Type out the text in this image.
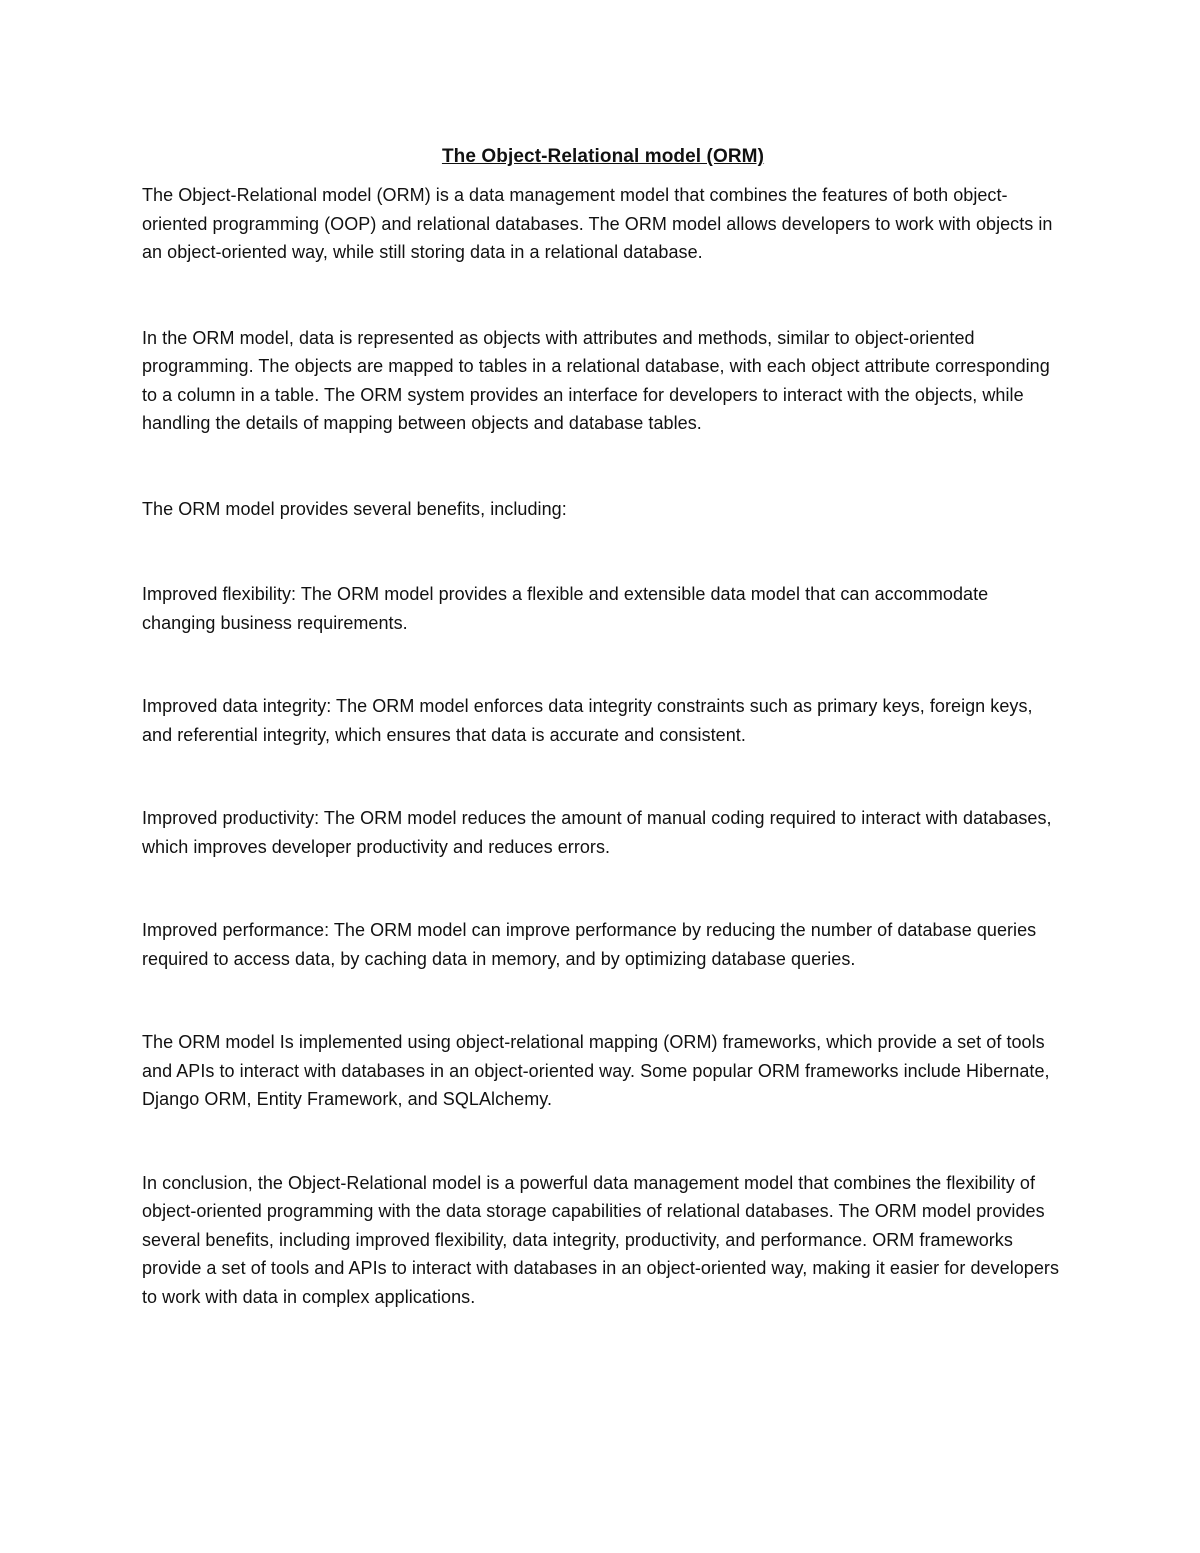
The Object-Relational model (ORM)

The Object-Relational model (ORM) is a data management model that combines the features of both object-oriented programming (OOP) and relational databases. The ORM model allows developers to work with objects in an object-oriented way, while still storing data in a relational database.

In the ORM model, data is represented as objects with attributes and methods, similar to object-oriented programming. The objects are mapped to tables in a relational database, with each object attribute corresponding to a column in a table. The ORM system provides an interface for developers to interact with the objects, while handling the details of mapping between objects and database tables.

The ORM model provides several benefits, including:

Improved flexibility: The ORM model provides a flexible and extensible data model that can accommodate changing business requirements.

Improved data integrity: The ORM model enforces data integrity constraints such as primary keys, foreign keys, and referential integrity, which ensures that data is accurate and consistent.

Improved productivity: The ORM model reduces the amount of manual coding required to interact with databases, which improves developer productivity and reduces errors.

Improved performance: The ORM model can improve performance by reducing the number of database queries required to access data, by caching data in memory, and by optimizing database queries.

The ORM model Is implemented using object-relational mapping (ORM) frameworks, which provide a set of tools and APIs to interact with databases in an object-oriented way. Some popular ORM frameworks include Hibernate, Django ORM, Entity Framework, and SQLAlchemy.

In conclusion, the Object-Relational model is a powerful data management model that combines the flexibility of object-oriented programming with the data storage capabilities of relational databases. The ORM model provides several benefits, including improved flexibility, data integrity, productivity, and performance. ORM frameworks provide a set of tools and APIs to interact with databases in an object-oriented way, making it easier for developers to work with data in complex applications.
